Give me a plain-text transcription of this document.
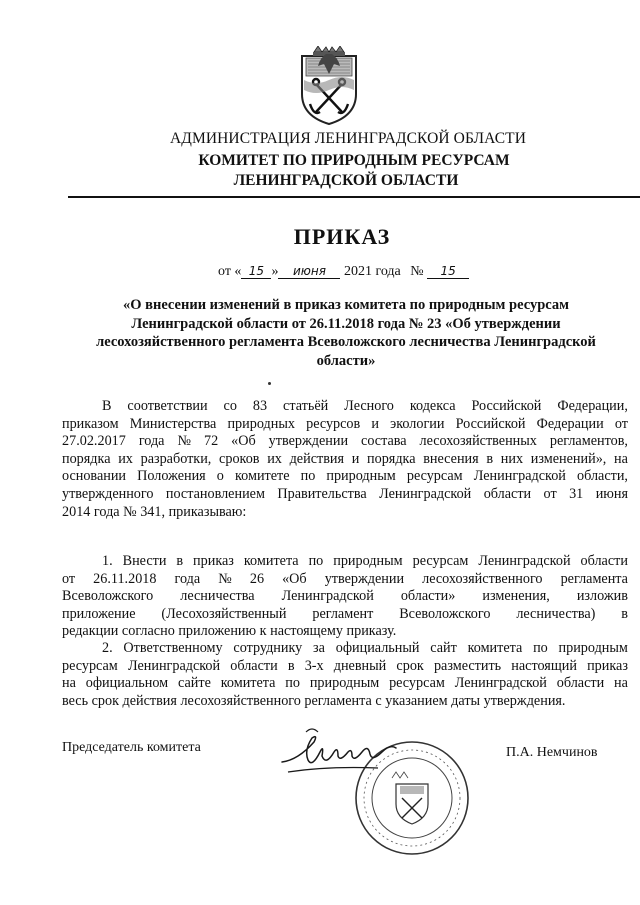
АДМИНИСТРАЦИЯ ЛЕНИНГРАДСКОЙ ОБЛАСТИ
КОМИТЕТ ПО ПРИРОДНЫМ РЕСУРСАМ
ЛЕНИНГРАДСКОЙ ОБЛАСТИ
ПРИКАЗ
от « 15 » июня 2021 года № 15
«О внесении изменений в приказ комитета по природным ресурсам
Ленинградской области от 26.11.2018 года № 23 «Об утверждении
лесохозяйственного регламента Всеволожского лесничества Ленинградской
области»
В соответствии со 83 статьёй Лесного кодекса Российской Федерации,
приказом Министерства природных ресурсов и экологии Российской Федерации от
27.02.2017 года № 72 «Об утверждении состава лесохозяйственных регламентов,
порядка их разработки, сроков их действия и порядка внесения в них изменений», на
основании Положения о комитете по природным ресурсам Ленинградской области,
утвержденного постановлением Правительства Ленинградской области от 31 июня
2014 года № 341, приказываю:
1. Внести в приказ комитета по природным ресурсам Ленинградской области
от 26.11.2018 года № 26 «Об утверждении лесохозяйственного регламента
Всеволожского лесничества Ленинградской области» изменения, изложив
приложение (Лесохозяйственный регламент Всеволожского лесничества) в
редакции согласно приложению к настоящему приказу.
2. Ответственному сотруднику за официальный сайт комитета по природным
ресурсам Ленинградской области в 3-х дневный срок разместить настоящий приказ
на официальном сайте комитета по природным ресурсам Ленинградской области на
весь срок действия лесохозяйственного регламента с указанием даты утверждения.
Председатель комитета	П.А. Немчинов
